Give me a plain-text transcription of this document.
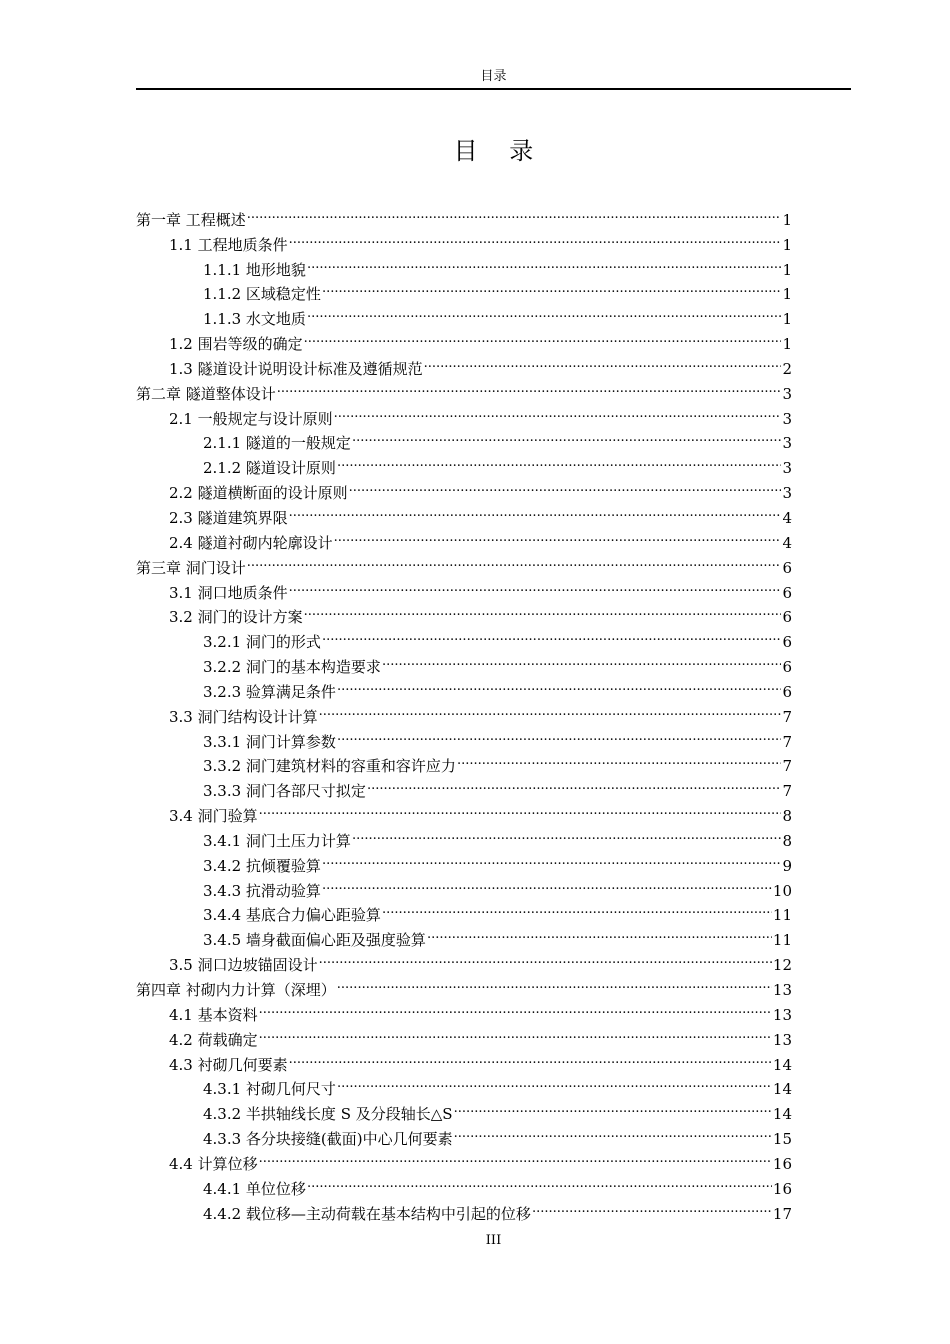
目录
目 录
第一章 工程概述 .....	1
1.1 工程地质条件 .....	1
1.1.1 地形地貌 .....	1
1.1.2 区域稳定性 .....	1
1.1.3 水文地质 .....	1
1.2 围岩等级的确定 .....	1
1.3 隧道设计说明设计标准及遵循规范 .....	2
第二章 隧道整体设计 .....	3
2.1 一般规定与设计原则 .....	3
2.1.1 隧道的一般规定 .....	3
2.1.2 隧道设计原则 .....	3
2.2 隧道横断面的设计原则 .....	3
2.3 隧道建筑界限 .....	4
2.4 隧道衬砌内轮廓设计 .....	4
第三章 洞门设计 .....	6
3.1 洞口地质条件 .....	6
3.2 洞门的设计方案 .....	6
3.2.1 洞门的形式 .....	6
3.2.2 洞门的基本构造要求 .....	6
3.2.3 验算满足条件 .....	6
3.3 洞门结构设计计算 .....	7
3.3.1 洞门计算参数 .....	7
3.3.2 洞门建筑材料的容重和容许应力 .....	7
3.3.3 洞门各部尺寸拟定 .....	7
3.4 洞门验算 .....	8
3.4.1 洞门土压力计算 .....	8
3.4.2 抗倾覆验算 .....	9
3.4.3 抗滑动验算 .....	10
3.4.4 基底合力偏心距验算 .....	11
3.4.5 墙身截面偏心距及强度验算 .....	11
3.5 洞口边坡锚固设计 .....	12
第四章 衬砌内力计算（深埋） .....	13
4.1 基本资料 .....	13
4.2 荷载确定 .....	13
4.3 衬砌几何要素 .....	14
4.3.1 衬砌几何尺寸 .....	14
4.3.2 半拱轴线长度 S 及分段轴长△S .....	14
4.3.3 各分块接缝(截面)中心几何要素 .....	15
4.4 计算位移 .....	16
4.4.1 单位位移 .....	16
4.4.2 载位移—主动荷载在基本结构中引起的位移 .....	17
III
